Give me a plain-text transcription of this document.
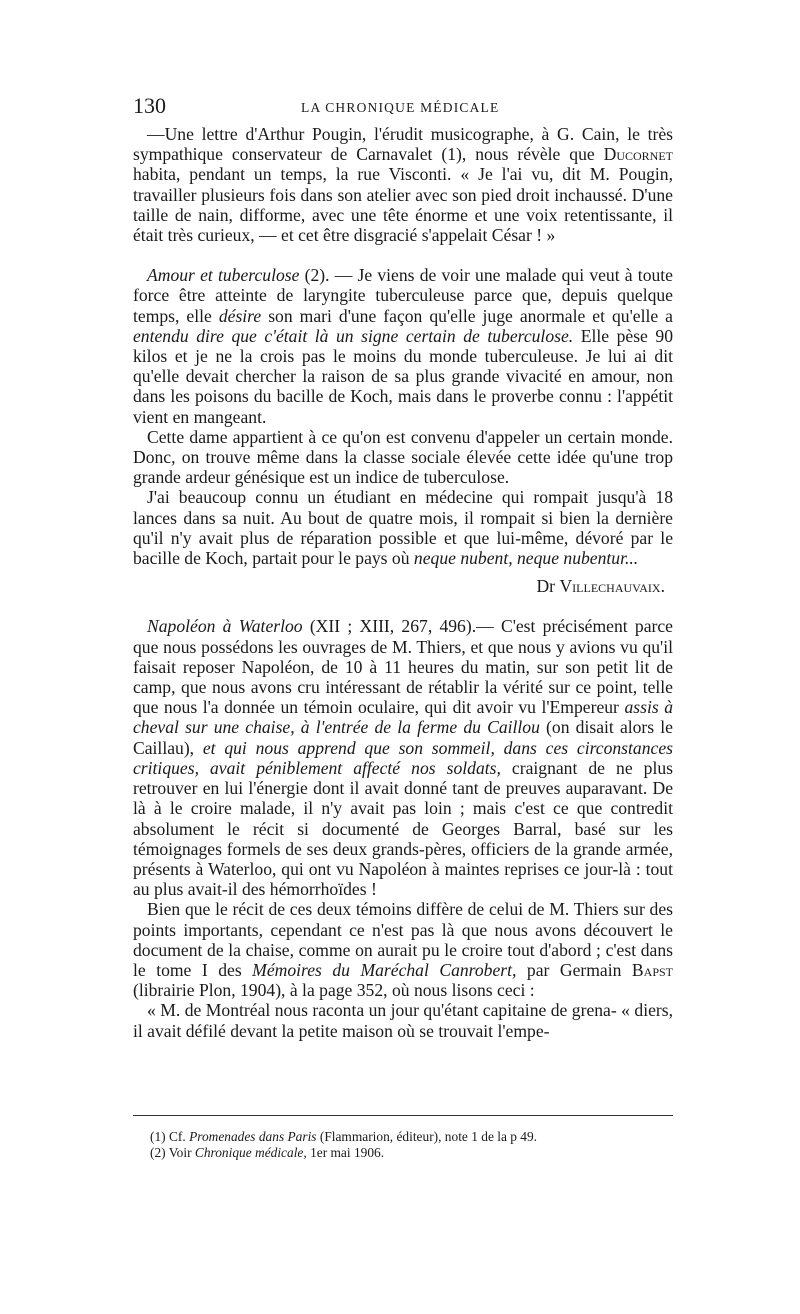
130	LA CHRONIQUE MÉDICALE

—Une lettre d'Arthur Pougin, l'érudit musicographe, à G. Cain, le très sympathique conservateur de Carnavalet (1), nous révèle que Ducornet habita, pendant un temps, la rue Visconti. « Je l'ai vu, dit M. Pougin, travailler plusieurs fois dans son atelier avec son pied droit inchaussé. D'une taille de nain, difforme, avec une tête énorme et une voix retentissante, il était très curieux, — et cet être disgracié s'appelait César ! »

Amour et tuberculose (2). — Je viens de voir une malade qui veut à toute force être atteinte de laryngite tuberculeuse parce que, depuis quelque temps, elle désire son mari d'une façon qu'elle juge anormale et qu'elle a entendu dire que c'était là un signe certain de tuberculose. Elle pèse 90 kilos et je ne la crois pas le moins du monde tuberculeuse. Je lui ai dit qu'elle devait chercher la raison de sa plus grande vivacité en amour, non dans les poisons du bacille de Koch, mais dans le proverbe connu : l'appétit vient en mangeant.

Cette dame appartient à ce qu'on est convenu d'appeler un certain monde. Donc, on trouve même dans la classe sociale élevée cette idée qu'une trop grande ardeur génésique est un indice de tuberculose.

J'ai beaucoup connu un étudiant en médecine qui rompait jusqu'à 18 lances dans sa nuit. Au bout de quatre mois, il rompait si bien la dernière qu'il n'y avait plus de réparation possible et que lui-même, dévoré par le bacille de Koch, partait pour le pays où neque nubent, neque nubentur...

Dr Villechauvaix.

Napoléon à Waterloo (XII ; XIII, 267, 496).— C'est précisément parce que nous possédons les ouvrages de M. Thiers, et que nous y avions vu qu'il faisait reposer Napoléon, de 10 à 11 heures du matin, sur son petit lit de camp, que nous avons cru intéressant de rétablir la vérité sur ce point, telle que nous l'a donnée un témoin oculaire, qui dit avoir vu l'Empereur assis à cheval sur une chaise, à l'entrée de la ferme du Caillou (on disait alors le Caillau), et qui nous apprend que son sommeil, dans ces circonstances critiques, avait péniblement affecté nos soldats, craignant de ne plus retrouver en lui l'énergie dont il avait donné tant de preuves auparavant. De là à le croire malade, il n'y avait pas loin ; mais c'est ce que contredit absolument le récit si documenté de Georges Barral, basé sur les témoignages formels de ses deux grands-pères, officiers de la grande armée, présents à Waterloo, qui ont vu Napoléon à maintes reprises ce jour-là : tout au plus avait-il des hémorrhoïdes !

Bien que le récit de ces deux témoins diffère de celui de M. Thiers sur des points importants, cependant ce n'est pas là que nous avons découvert le document de la chaise, comme on aurait pu le croire tout d'abord ; c'est dans le tome I des Mémoires du Maréchal Canrobert, par Germain Bapst (librairie Plon, 1904), à la page 352, où nous lisons ceci :

« M. de Montréal nous raconta un jour qu'étant capitaine de grena- « diers, il avait défilé devant la petite maison où se trouvait l'empe-

(1) Cf. Promenades dans Paris (Flammarion, éditeur), note 1 de la p 49.
(2) Voir Chronique médicale, 1er mai 1906.
